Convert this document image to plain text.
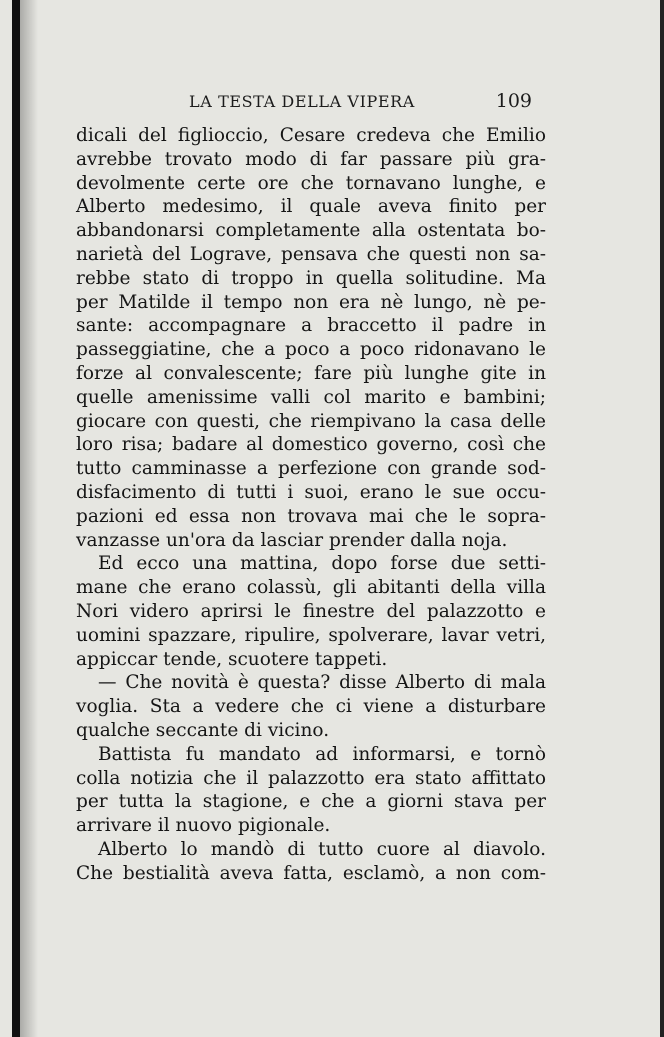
LA TESTA DELLA VIPERA	109
dicali del figlioccio, Cesare credeva che Emilio
avrebbe trovato modo di far passare più gra-
devolmente certe ore che tornavano lunghe, e
Alberto medesimo, il quale aveva finito per
abbandonarsi completamente alla ostentata bo-
narietà del Lograve, pensava che questi non sa-
rebbe stato di troppo in quella solitudine. Ma
per Matilde il tempo non era nè lungo, nè pe-
sante: accompagnare a braccetto il padre in
passeggiatine, che a poco a poco ridonavano le
forze al convalescente; fare più lunghe gite in
quelle amenissime valli col marito e bambini;
giocare con questi, che riempivano la casa delle
loro risa; badare al domestico governo, così che
tutto camminasse a perfezione con grande sod-
disfacimento di tutti i suoi, erano le sue occu-
pazioni ed essa non trovava mai che le sopra-
vanzasse un'ora da lasciar prender dalla noja.
Ed ecco una mattina, dopo forse due setti-
mane che erano colassù, gli abitanti della villa
Nori videro aprirsi le finestre del palazzotto e
uomini spazzare, ripulire, spolverare, lavar vetri,
appiccar tende, scuotere tappeti.
— Che novità è questa? disse Alberto di mala
voglia. Sta a vedere che ci viene a disturbare
qualche seccante di vicino.
Battista fu mandato ad informarsi, e tornò
colla notizia che il palazzotto era stato affittato
per tutta la stagione, e che a giorni stava per
arrivare il nuovo pigionale.
Alberto lo mandò di tutto cuore al diavolo.
Che bestialità aveva fatta, esclamò, a non com-
